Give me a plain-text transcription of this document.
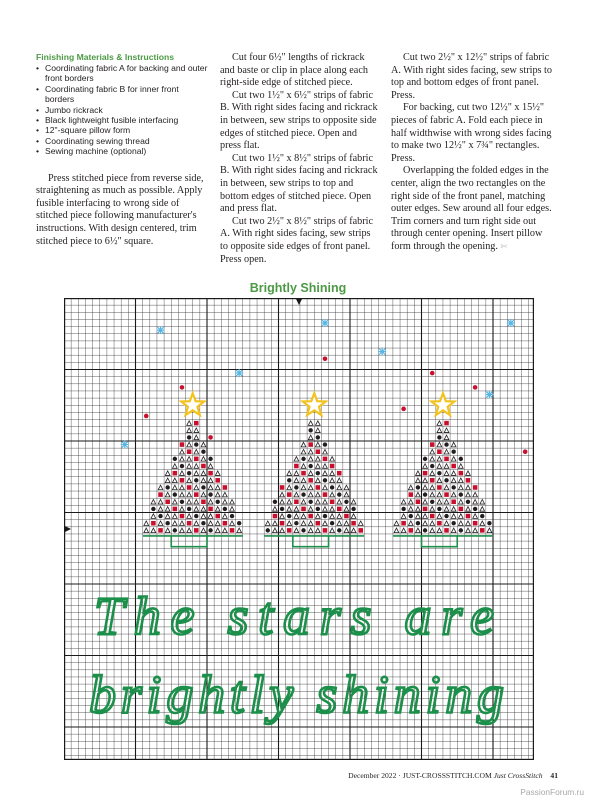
Finishing Materials & Instructions
• Coordinating fabric A for backing and outer front borders
• Coordinating fabric B for inner front borders
• Jumbo rickrack
• Black lightweight fusible interfacing
• 12"-square pillow form
• Coordinating sewing thread
• Sewing machine (optional)

Press stitched piece from reverse side, straightening as much as possible. Apply fusible interfacing to wrong side of stitched piece following manufacturer's instructions. With design centered, trim stitched piece to 6½" square.

Cut four 6½" lengths of rickrack and baste or clip in place along each right-side edge of stitched piece.

Cut two 1½" x 6½" strips of fabric B. With right sides facing and rickrack in between, sew strips to opposite side edges of stitched piece. Open and press flat.

Cut two 1½" x 8½" strips of fabric B. With right sides facing and rickrack in between, sew strips to top and bottom edges of stitched piece. Open and press flat.

Cut two 2½" x 8½" strips of fabric A. With right sides facing, sew strips to opposite side edges of front panel. Press open.

Cut two 2½" x 12½" strips of fabric A. With right sides facing, sew strips to top and bottom edges of front panel. Press.

For backing, cut two 12½" x 15½" pieces of fabric A. Fold each piece in half widthwise with wrong sides facing to make two 12½" x 7¾" rectangles. Press.

Overlapping the folded edges in the center, align the two rectangles on the right side of the front panel, matching outer edges. Sew around all four edges. Trim corners and turn right side out through center opening. Insert pillow form through the opening. ✄

Brightly Shining
The stars are
brightly shining
December 2022 · JUST-CROSSSTITCH.COM Just CrossStitch 41
PassionForum.ru
